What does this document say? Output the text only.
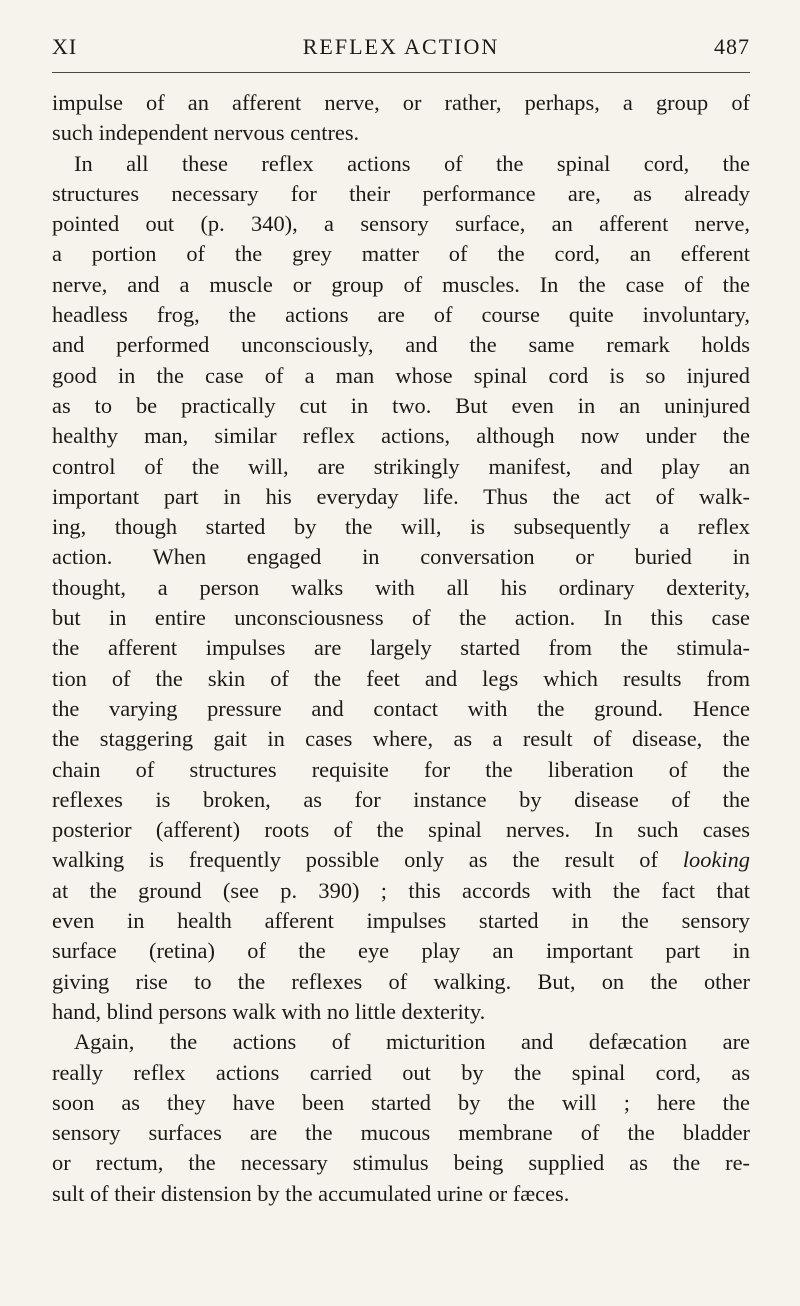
XI	REFLEX ACTION	487
impulse of an afferent nerve, or rather, perhaps, a group of
such independent nervous centres.
In all these reflex actions of the spinal cord, the
structures necessary for their performance are, as already
pointed out (p. 340), a sensory surface, an afferent nerve,
a portion of the grey matter of the cord, an efferent
nerve, and a muscle or group of muscles. In the case of the
headless frog, the actions are of course quite involuntary,
and performed unconsciously, and the same remark holds
good in the case of a man whose spinal cord is so injured
as to be practically cut in two. But even in an uninjured
healthy man, similar reflex actions, although now under the
control of the will, are strikingly manifest, and play an
important part in his everyday life. Thus the act of walk-
ing, though started by the will, is subsequently a reflex
action. When engaged in conversation or buried in
thought, a person walks with all his ordinary dexterity,
but in entire unconsciousness of the action. In this case
the afferent impulses are largely started from the stimula-
tion of the skin of the feet and legs which results from
the varying pressure and contact with the ground. Hence
the staggering gait in cases where, as a result of disease, the
chain of structures requisite for the liberation of the
reflexes is broken, as for instance by disease of the
posterior (afferent) roots of the spinal nerves. In such cases
walking is frequently possible only as the result of looking
at the ground (see p. 390) ; this accords with the fact that
even in health afferent impulses started in the sensory
surface (retina) of the eye play an important part in
giving rise to the reflexes of walking. But, on the other
hand, blind persons walk with no little dexterity.
Again, the actions of micturition and defæcation are
really reflex actions carried out by the spinal cord, as
soon as they have been started by the will ; here the
sensory surfaces are the mucous membrane of the bladder
or rectum, the necessary stimulus being supplied as the re-
sult of their distension by the accumulated urine or fæces.
